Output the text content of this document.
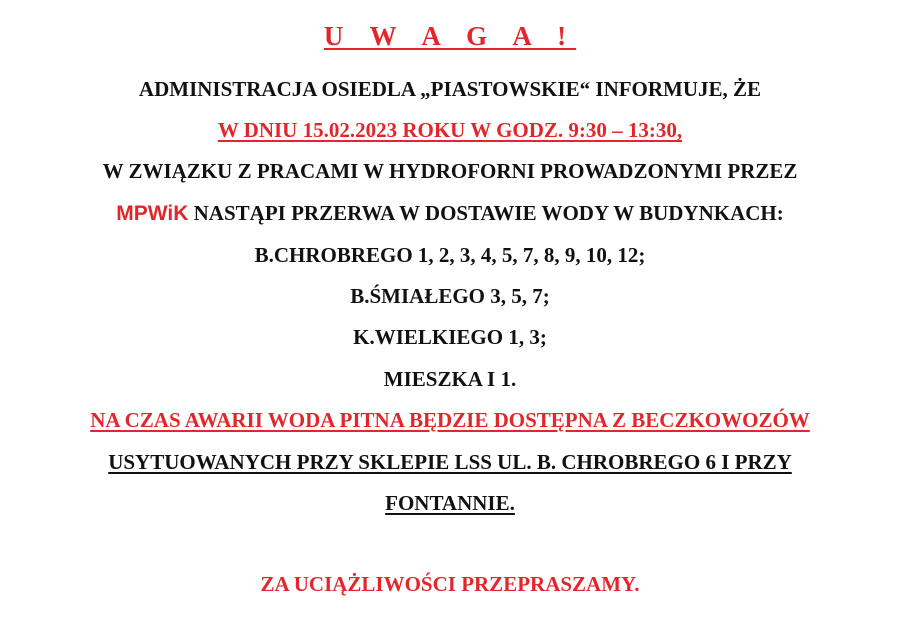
U W A G A !
ADMINISTRACJA OSIEDLA „PIASTOWSKIE“ INFORMUJE, ŻE
W DNIU 15.02.2023 ROKU W GODZ. 9:30 – 13:30,
W ZWIĄZKU Z PRACAMI W HYDROFORNI PROWADZONYMI PRZEZ
MPWiK NASTĄPI PRZERWA W DOSTAWIE WODY W BUDYNKACH:
B.CHROBREGO 1, 2, 3, 4, 5, 7, 8, 9, 10, 12;
B.ŚMIAŁEGO 3, 5, 7;
K.WIELKIEGO 1, 3;
MIESZKA I 1.
NA CZAS AWARII WODA PITNA BĘDZIE DOSTĘPNA Z BECZKOWOZÓW
USYTUOWANYCH PRZY SKLEPIE LSS UL. B. CHROBREGO 6 I PRZY
FONTANNIE.
ZA UCIĄŻLIWOŚCI PRZEPRASZAMY.
